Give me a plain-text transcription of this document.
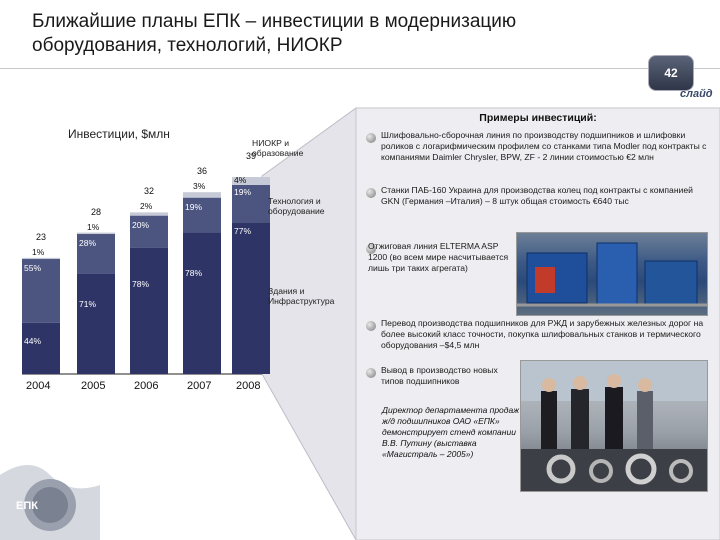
Ближайшие планы ЕПК – инвестиции в модернизацию
оборудования, технологий, НИОКР
42
слайд
Инвестиции, $млн
44%
55%
1%
23
2004
71%
28%
1%
28
2005
78%
20%
2%
32
2006
78%
19%
3%
36
2007
77%
19%
4%
39
2008
НИОКР и образование
Технология и оборудование
Здания и Инфраструктура
Примеры инвестиций:
Шлифовально-сборочная линия по производству подшипников и шлифовки роликов с логарифмическим профилем со станками типа Modler под контракты с компаниями Daimler Chrysler, BPW, ZF - 2 линии стоимостью €2 млн
Станки ПАБ-160 Украина для производства колец под контракты с компанией GKN (Германия –Италия) – 8 штук общая стоимость €640 тыс
Отжиговая линия ELTERMA ASP 1200 (во всем мире насчитывается лишь три таких агрегата)
Перевод производства подшипников для РЖД и зарубежных железных дорог на более высокий класс точности, покупка шлифовальных станков и термического оборудования –$4,5 млн
Вывод в производство новых типов подшипников
Директор департамента продаж ж/д подшипников ОАО «ЕПК» демонстрирует стенд компании В.В. Путину (выставка «Магистраль – 2005»)
ЕПК
